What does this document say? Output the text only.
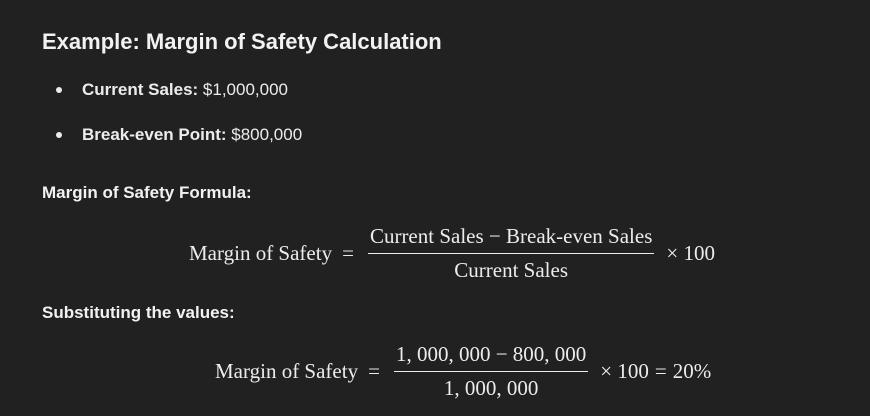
Example: Margin of Safety Calculation
Current Sales: $1,000,000
Break-even Point: $800,000
Margin of Safety Formula:
Margin of Safety = $\frac{\text{Current Sales − Break-even Sales}}{\text{Current Sales}} \times 100$
Substituting the values:
Margin of Safety = $\frac{1, 000, 000 - 800, 000}{1, 000, 000} \times 100 = 20\%$
